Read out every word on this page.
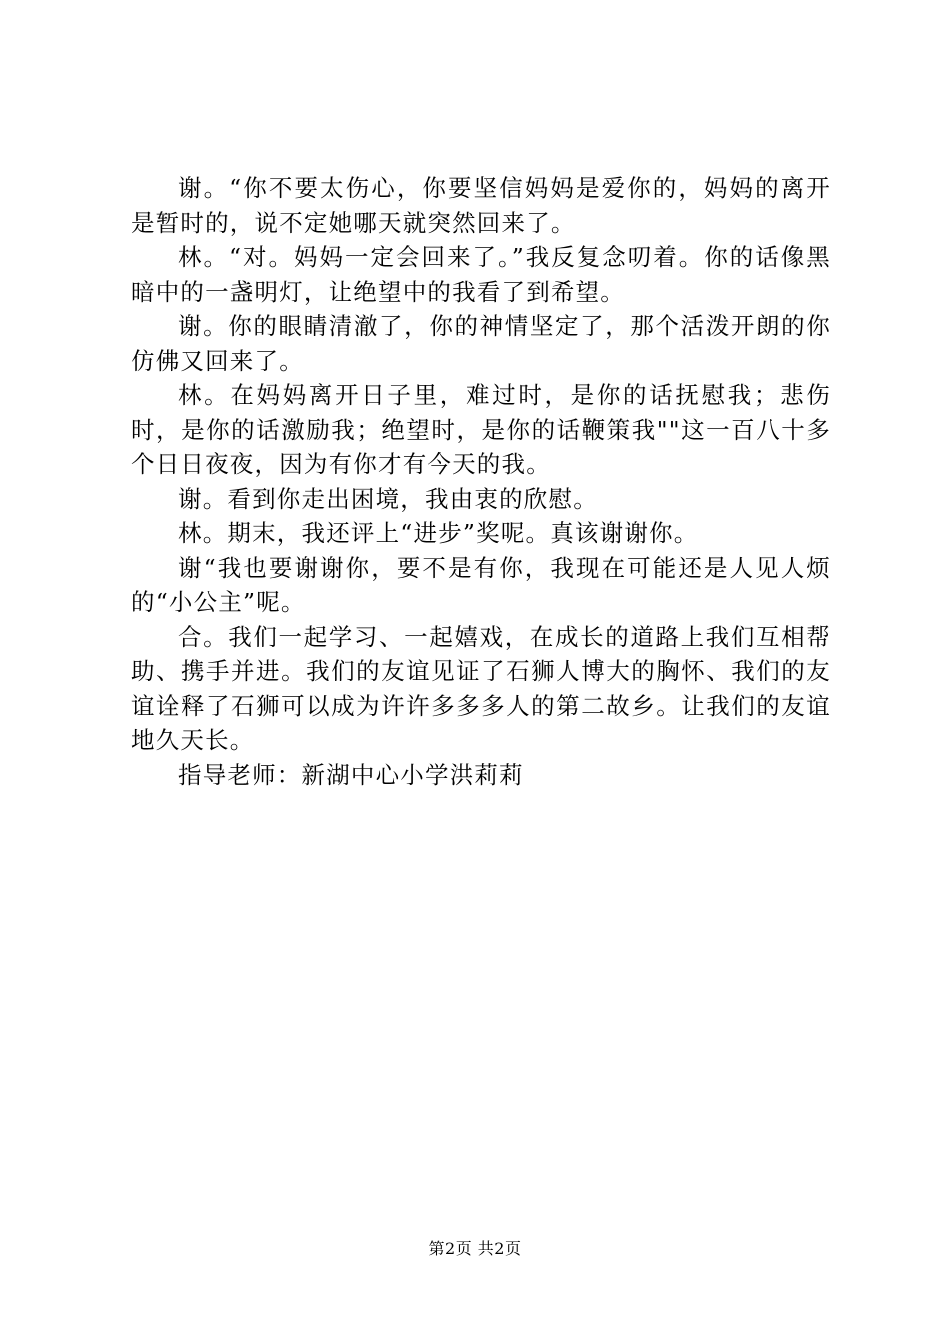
谢。“你不要太伤心，你要坚信妈妈是爱你的，妈妈的离开是暂时的，说不定她哪天就突然回来了。

林。“对。妈妈一定会回来了。”我反复念叨着。你的话像黑暗中的一盏明灯，让绝望中的我看了到希望。

谢。你的眼睛清澈了，你的神情坚定了，那个活泼开朗的你仿佛又回来了。

林。在妈妈离开日子里，难过时，是你的话抚慰我；悲伤时，是你的话激励我；绝望时，是你的话鞭策我""这一百八十多个日日夜夜，因为有你才有今天的我。

谢。看到你走出困境，我由衷的欣慰。

林。期末，我还评上“进步”奖呢。真该谢谢你。

谢“我也要谢谢你，要不是有你，我现在可能还是人见人烦的“小公主”呢。

合。我们一起学习、一起嬉戏，在成长的道路上我们互相帮助、携手并进。我们的友谊见证了石狮人博大的胸怀、我们的友谊诠释了石狮可以成为许许多多多人的第二故乡。让我们的友谊地久天长。

指导老师：新湖中心小学洪莉莉

第2页 共2页
